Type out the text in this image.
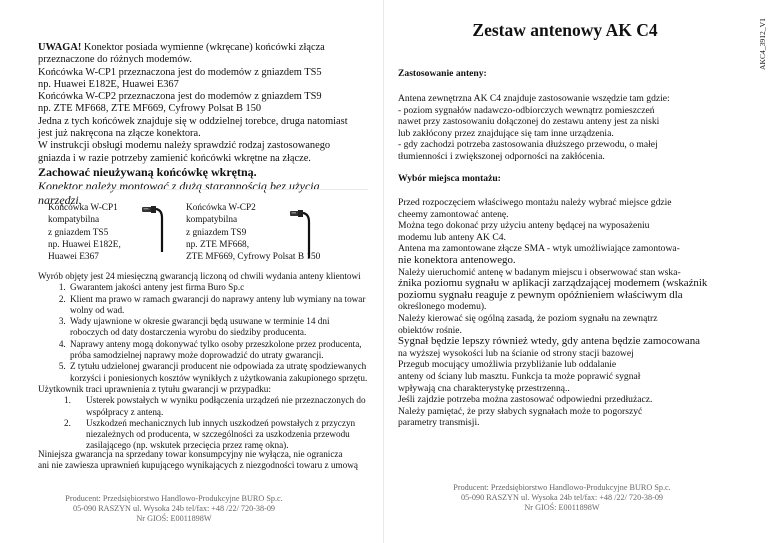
UWAGA! Konektor posiada wymienne (wkręcane) końcówki złącza przeznaczone do różnych modemów.
Końcówka W-CP1 przeznaczona jest do modemów z gniazdem TS5
np. Huawei E182E, Huawei E367
Końcówka W-CP2 przeznaczona jest do modemów z gniazdem TS9
np. ZTE MF668, ZTE MF669, Cyfrowy Polsat B 150
Jedna z tych końcówek znajduje się w oddzielnej torebce, druga natomiast jest już nakręcona na złącze konektora.
W instrukcji obsługi modemu należy sprawdzić rodzaj zastosowanego gniazda i w razie potrzeby zamienić końcówki wkrętne na złącze.
Zachować nieużywaną końcówkę wkrętną.
Konektor należy montować z dużą starannością bez użycia narzędzi.
Końcówka W-CP1
kompatybilna
z gniazdem TS5
np. Huawei E182E,
Huawei E367
Końcówka W-CP2
kompatybilna
z gniazdem TS9
np. ZTE MF668,
ZTE MF669, Cyfrowy Polsat B 150

Wyrób objęty jest 24 miesięczną gwarancją liczoną od chwili wydania anteny klientowi

1. Gwarantem jakości anteny jest firma Buro Sp.c
2. Klient ma prawo w ramach gwarancji do naprawy anteny lub wymiany na towar wolny od wad.
3. Wady ujawnione w okresie gwarancji będą usuwane w terminie 14 dni roboczych od daty dostarczenia wyrobu do siedziby producenta.
4. Naprawy anteny mogą dokonywać tylko osoby przeszkolone przez producenta, próba samodzielnej naprawy może doprowadzić do utraty gwarancji.
5. Z tytułu udzielonej gwarancji producent nie odpowiada za utratę spodziewanych korzyści i poniesionych kosztów wynikłych z użytkowania zakupionego sprzętu.

Użytkownik traci uprawnienia z tytułu gwarancji w przypadku:

1. Usterek powstałych w wyniku podłączenia urządzeń nie przeznaczonych do współpracy z anteną.
2. Uszkodzeń mechanicznych lub innych uszkodzeń powstałych z przyczyn niezależnych od producenta, w szczególności za uszkodzenia przewodu zasilającego (np. wskutek przecięcia przez ramę okna).
Niniejsza gwarancja na sprzedany towar konsumpcyjny nie wyłącza, nie ogranicza
ani nie zawiesza uprawnień kupującego wynikających z niezgodności towaru z umową
Producent: Przedsiębiorstwo Handlowo-Produkcyjne BURO Sp.c.
05-090 RASZYN ul. Wysoka 24b tel/fax: +48 /22/ 720-38-09
Nr GIOŚ: E0011898W
AKC4_3912_V1
Zestaw antenowy AK C4
Zastosowanie anteny:
Antena zewnętrzna AK C4 znajduje zastosowanie wszędzie tam gdzie:
- poziom sygnałów nadawczo-odbiorczych wewnątrz pomieszczeń
nawet przy zastosowaniu dołączonej do zestawu anteny jest za niski
lub zakłócony przez znajdujące się tam inne urządzenia.
- gdy zachodzi potrzeba zastosowania dłuższego przewodu, o małej
tłumienności i zwiększonej odporności na zakłócenia.
Wybór miejsca montażu:
Przed rozpoczęciem właściwego montażu należy wybrać miejsce gdzie
cheemy zamontować antenę.
Można tego dokonać przy użyciu anteny będącej na wyposażeniu
modemu lub anteny AK C4.
Antena ma zamontowane złącze SMA - wtyk umożliwiające zamontowa-
nie konektora antenowego.
Należy uieruchomić antenę w badanym miejscu i obserwować stan wska-
źnika poziomu sygnału w aplikacji zarządzającej modemem (wskaźnik
poziomu sygnału reaguje z pewnym opóźnieniem właściwym dla
określonego modemu).
Należy kierować się ogólną zasadą, że poziom sygnału na zewnątrz
obiektów rośnie.
Sygnał będzie lepszy również wtedy, gdy antena będzie zamocowana
na wyższej wysokości lub na ścianie od strony stacji bazowej
Przegub mocujący umożliwia przybliżanie lub oddalanie
anteny od ściany lub masztu. Funkcja ta może poprawić sygnał
wpływają cna charakterystykę przestrzenną..
Jeśli zajdzie potrzeba można zastosować odpowiedni przedłużacz.
Należy pamiętać, że przy słabych sygnałach może to pogorszyć
parametry transmisji.
Producent: Przedsiębiorstwo Handlowo-Produkcyjne BURO Sp.c.
05-090 RASZYN ul. Wysoka 24b tel/fax: +48 /22/ 720-38-09
Nr GIOŚ: E0011898W
